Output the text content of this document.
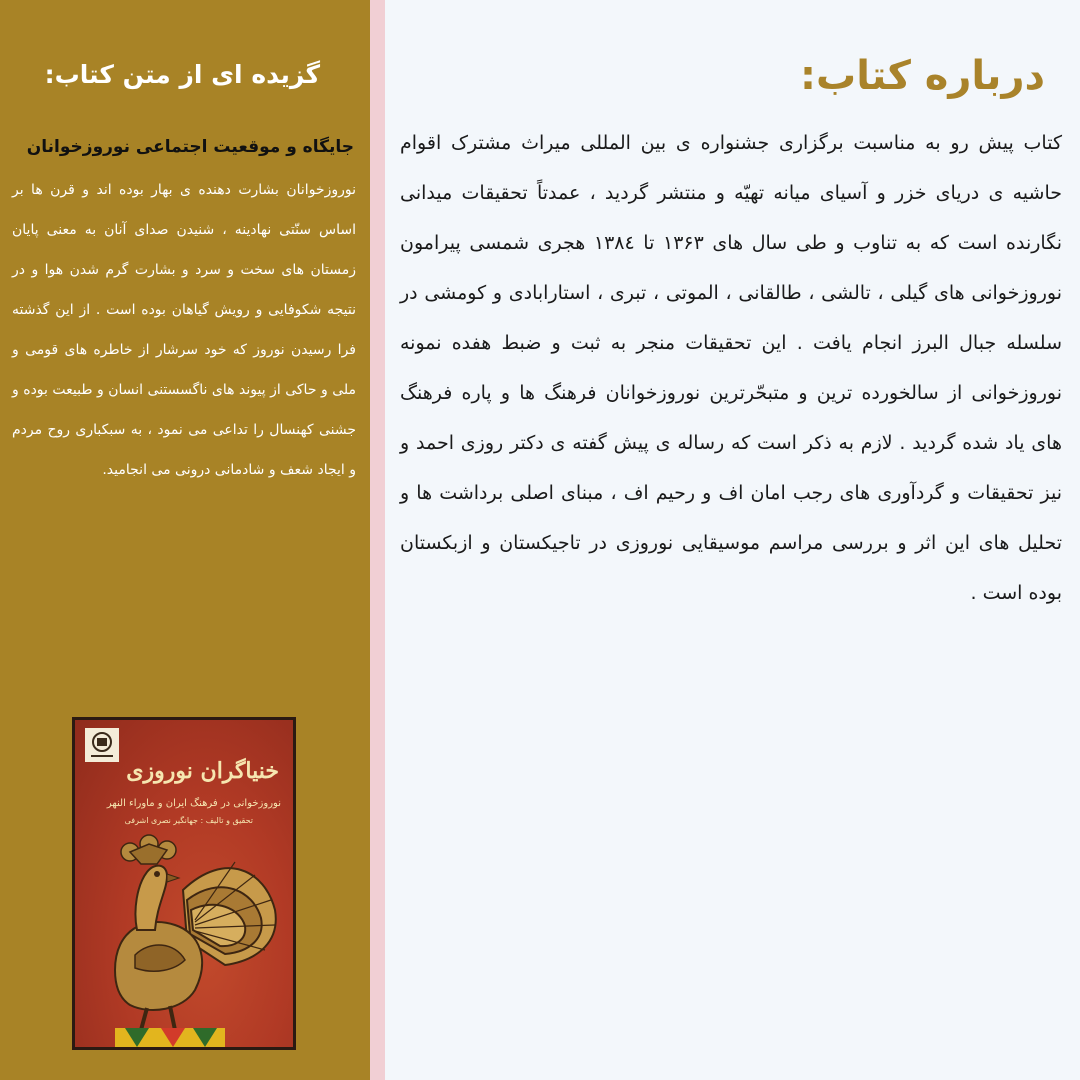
گزیده ای از متن کتاب:
جایگاه و موقعیت اجتماعی نوروزخوانان

نوروزخوانان بشارت دهنده ی بهار بوده اند و قرن ها بر اساس سنّتی نهادینه ، شنیدن صدای آنان به معنی پایان زمستان های سخت و سرد و بشارت گرم شدن هوا و در نتیجه شکوفایی و رویش گیاهان بوده است . از این گذشته فرا رسیدن نوروز که خود سرشار از خاطره های قومی و ملی و حاکی از پیوند های ناگسستنی انسان و طبیعت بوده و جشنی کهنسال را تداعی می نمود ، به سبکباری روح مردم و ایجاد شعف و شادمانی درونی می انجامید.

خنیاگران نوروزی
نوروزخوانی در فرهنگ ایران و ماوراء النهر
تحقیق و تالیف : جهانگیر نصری اشرفی
درباره کتاب:

کتاب پیش رو به مناسبت برگزاری جشنواره ی بین المللی میراث مشترک اقوام حاشیه ی دریای خزر و آسیای میانه تهیّه و منتشر گردید ، عمدتاً تحقیقات میدانی نگارنده است که به تناوب و طی سال های ۱۳۶۳ تا ۱۳۸٤ هجری شمسی پیرامون نوروزخوانی های گیلی ، تالشی ، طالقانی ، الموتی ، تبری ، استارابادی و کومشی در سلسله جبال البرز انجام یافت . این تحقیقات منجر به ثبت و ضبط هفده نمونه نوروزخوانی از سالخورده ترین و متبحّرترین نوروزخوانان فرهنگ ها و پاره فرهنگ های یاد شده گردید . لازم به ذکر است که رساله ی پیش گفته ی دکتر روزی احمد و نیز تحقیقات و گردآوری های رجب امان اف و رحیم اف ، مبنای اصلی برداشت ها و تحلیل های این اثر و بررسی مراسم موسیقایی نوروزی در تاجیکستان و ازبکستان بوده است .
